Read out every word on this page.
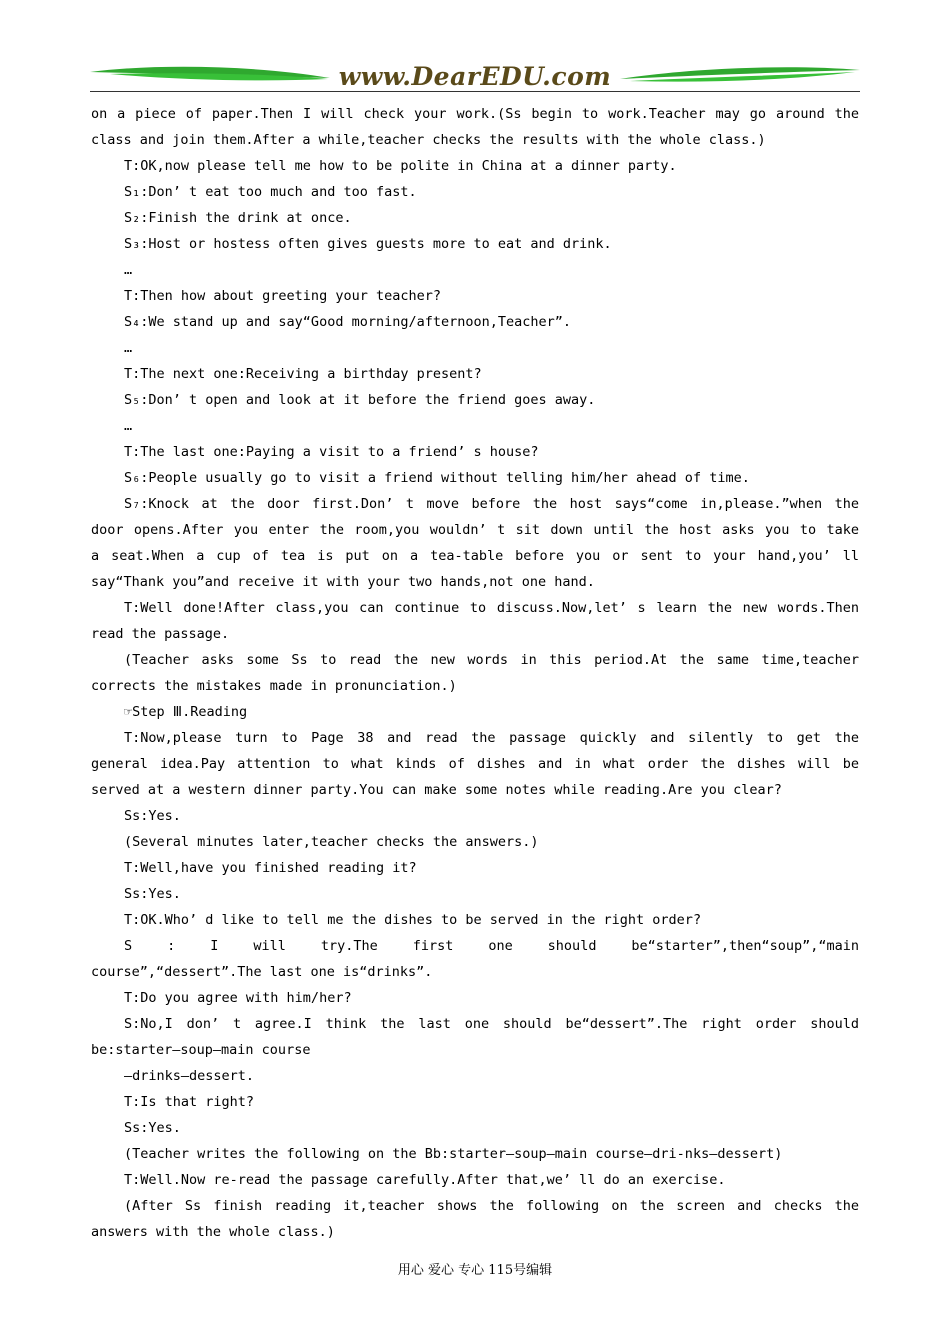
www.DearEDU.com
on a piece of paper.Then I will check your work.(Ss begin to work.Teacher may go around the
class and join them.After a while,teacher checks the results with the whole class.)
T:OK,now please tell me how to be polite in China at a dinner party.
S₁:Don’ t eat too much and too fast.
S₂:Finish the drink at once.
S₃:Host or hostess often gives guests more to eat and drink.
…
T:Then how about greeting your teacher?
S₄:We stand up and say“Good morning/afternoon,Teacher”.
…
T:The next one:Receiving a birthday present?
S₅:Don’ t open and look at it before the friend goes away.
…
T:The last one:Paying a visit to a friend’ s house?
S₆:People usually go to visit a friend without telling him/her ahead of time.
S₇:Knock at the door first.Don’ t move before the host says“come in,please.”when the
door opens.After you enter the room,you wouldn’ t sit down until the host asks you to take
a seat.When a cup of tea is put on a tea-table before you or sent to your hand,you’ ll
say“Thank you”and receive it with your two hands,not one hand.
T:Well done!After class,you can continue to discuss.Now,let’ s learn the new words.Then
read the passage.
(Teacher asks some Ss to read the new words in this period.At the same time,teacher
corrects the mistakes made in pronunciation.)
☞Step Ⅲ.Reading
T:Now,please turn to Page 38 and read the passage quickly and silently to get the
general idea.Pay attention to what kinds of dishes and in what order the dishes will be
served at a western dinner party.You can make some notes while reading.Are you clear?
Ss:Yes.
(Several minutes later,teacher checks the answers.)
T:Well,have you finished reading it?
Ss:Yes.
T:OK.Who’ d like to tell me the dishes to be served in the right order?
S : I will try.The first one should be“starter”,then“soup”,“main
course”,“dessert”.The last one is“drinks”.
T:Do you agree with him/her?
S:No,I don’ t agree.I think the last one should be“dessert”.The right order should
be:starter—soup—main course
—drinks—dessert.
T:Is that right?
Ss:Yes.
(Teacher writes the following on the Bb:starter—soup—main course—dri-nks—dessert)
T:Well.Now re-read the passage carefully.After that,we’ ll do an exercise.
(After Ss finish reading it,teacher shows the following on the screen and checks the
answers with the whole class.)
用心 爱心 专心 115号编辑
